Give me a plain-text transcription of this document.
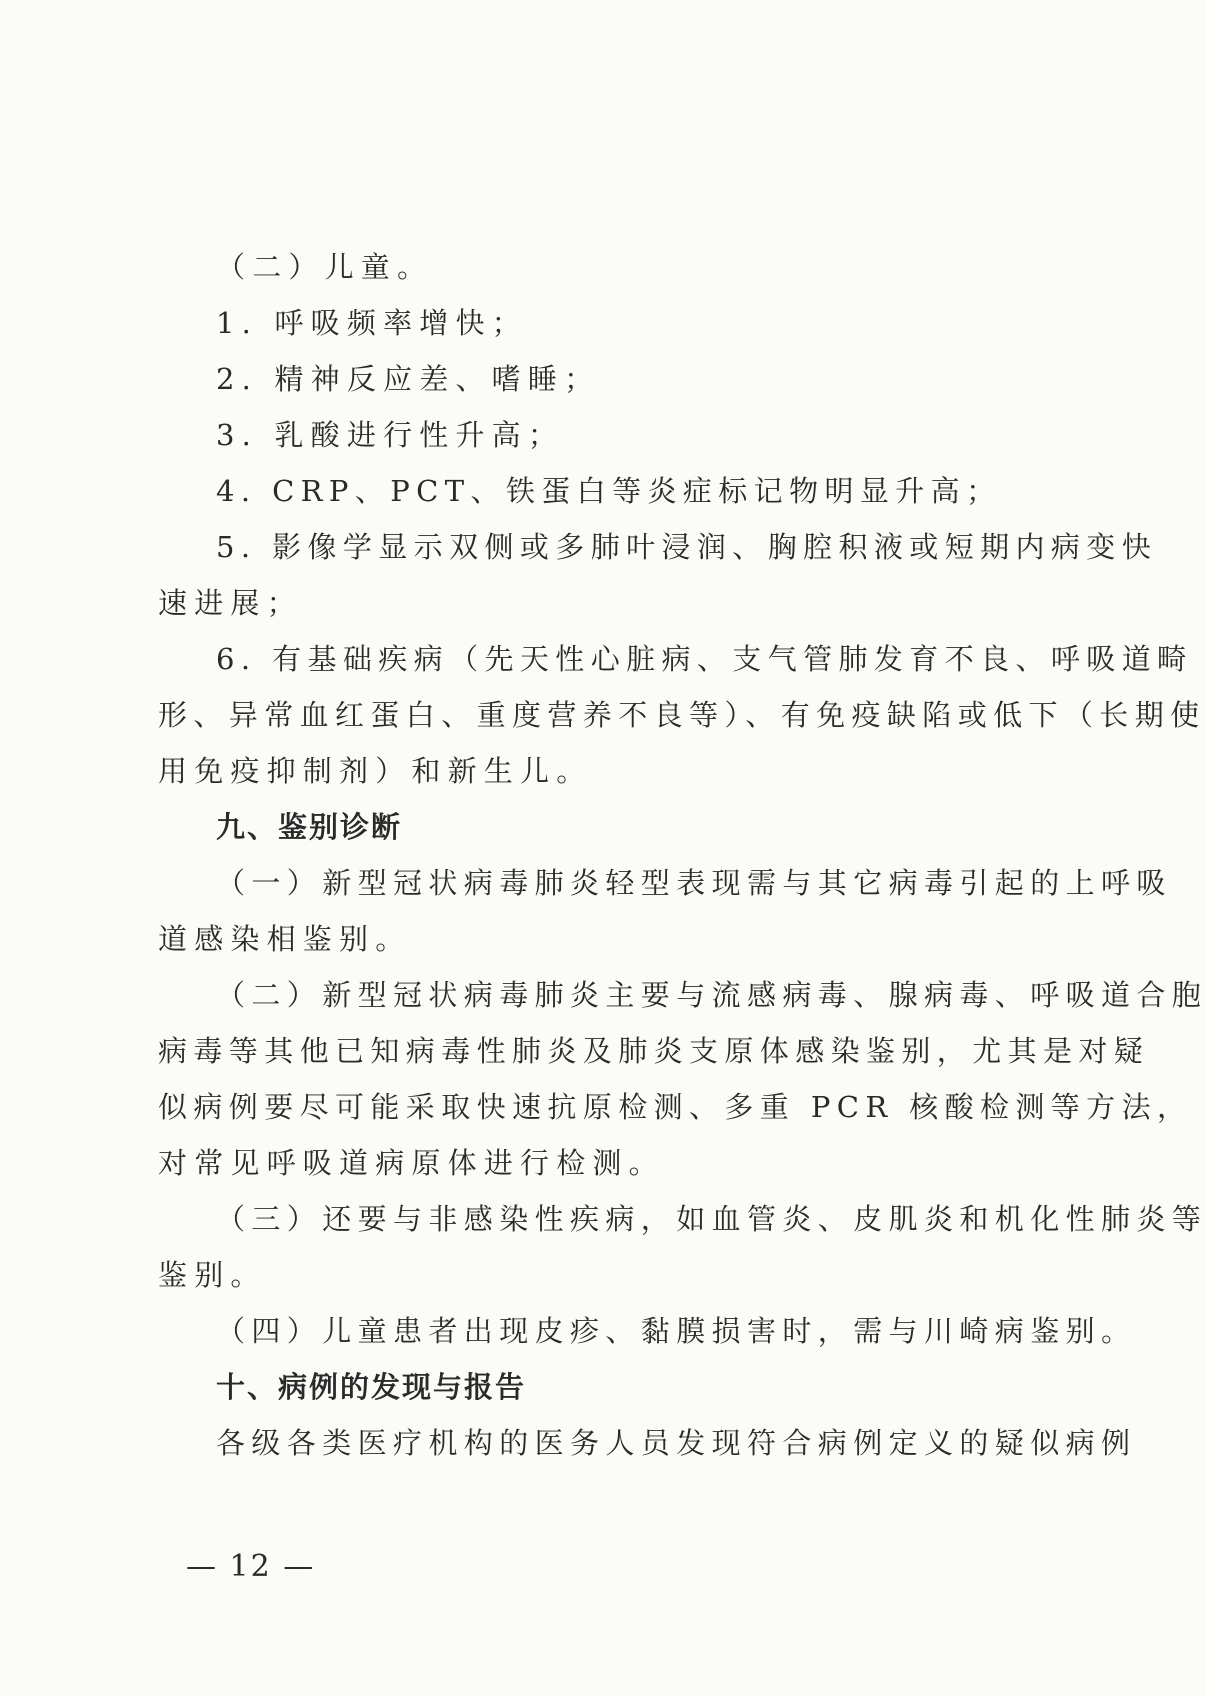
（二）儿童。
1. 呼吸频率增快；
2. 精神反应差、嗜睡；
3. 乳酸进行性升高；
4. CRP、PCT、铁蛋白等炎症标记物明显升高；
5. 影像学显示双侧或多肺叶浸润、胸腔积液或短期内病变快
速进展；
6. 有基础疾病（先天性心脏病、支气管肺发育不良、呼吸道畸
形、异常血红蛋白、重度营养不良等）、有免疫缺陷或低下（长期使
用免疫抑制剂）和新生儿。
九、鉴别诊断
（一）新型冠状病毒肺炎轻型表现需与其它病毒引起的上呼吸
道感染相鉴别。
（二）新型冠状病毒肺炎主要与流感病毒、腺病毒、呼吸道合胞
病毒等其他已知病毒性肺炎及肺炎支原体感染鉴别，尤其是对疑
似病例要尽可能采取快速抗原检测、多重 PCR 核酸检测等方法，
对常见呼吸道病原体进行检测。
（三）还要与非感染性疾病，如血管炎、皮肌炎和机化性肺炎等
鉴别。
（四）儿童患者出现皮疹、黏膜损害时，需与川崎病鉴别。
十、病例的发现与报告
各级各类医疗机构的医务人员发现符合病例定义的疑似病例
— 12 —
